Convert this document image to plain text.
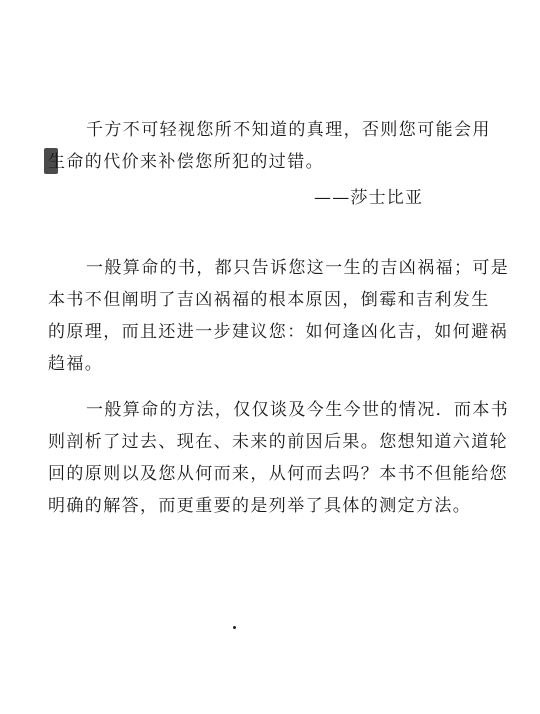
千方不可轻视您所不知道的真理，否则您可能会用
生命的代价来补偿您所犯的过错。
——莎士比亚
一般算命的书，都只告诉您这一生的吉凶祸福；可是
本书不但阐明了吉凶祸福的根本原因，倒霉和吉利发生
的原理，而且还进一步建议您：如何逢凶化吉，如何避祸
趋福。
一般算命的方法，仅仅谈及今生今世的情况．而本书
则剖析了过去、现在、未来的前因后果。您想知道六道轮
回的原则以及您从何而来，从何而去吗？本书不但能给您
明确的解答，而更重要的是列举了具体的测定方法。
